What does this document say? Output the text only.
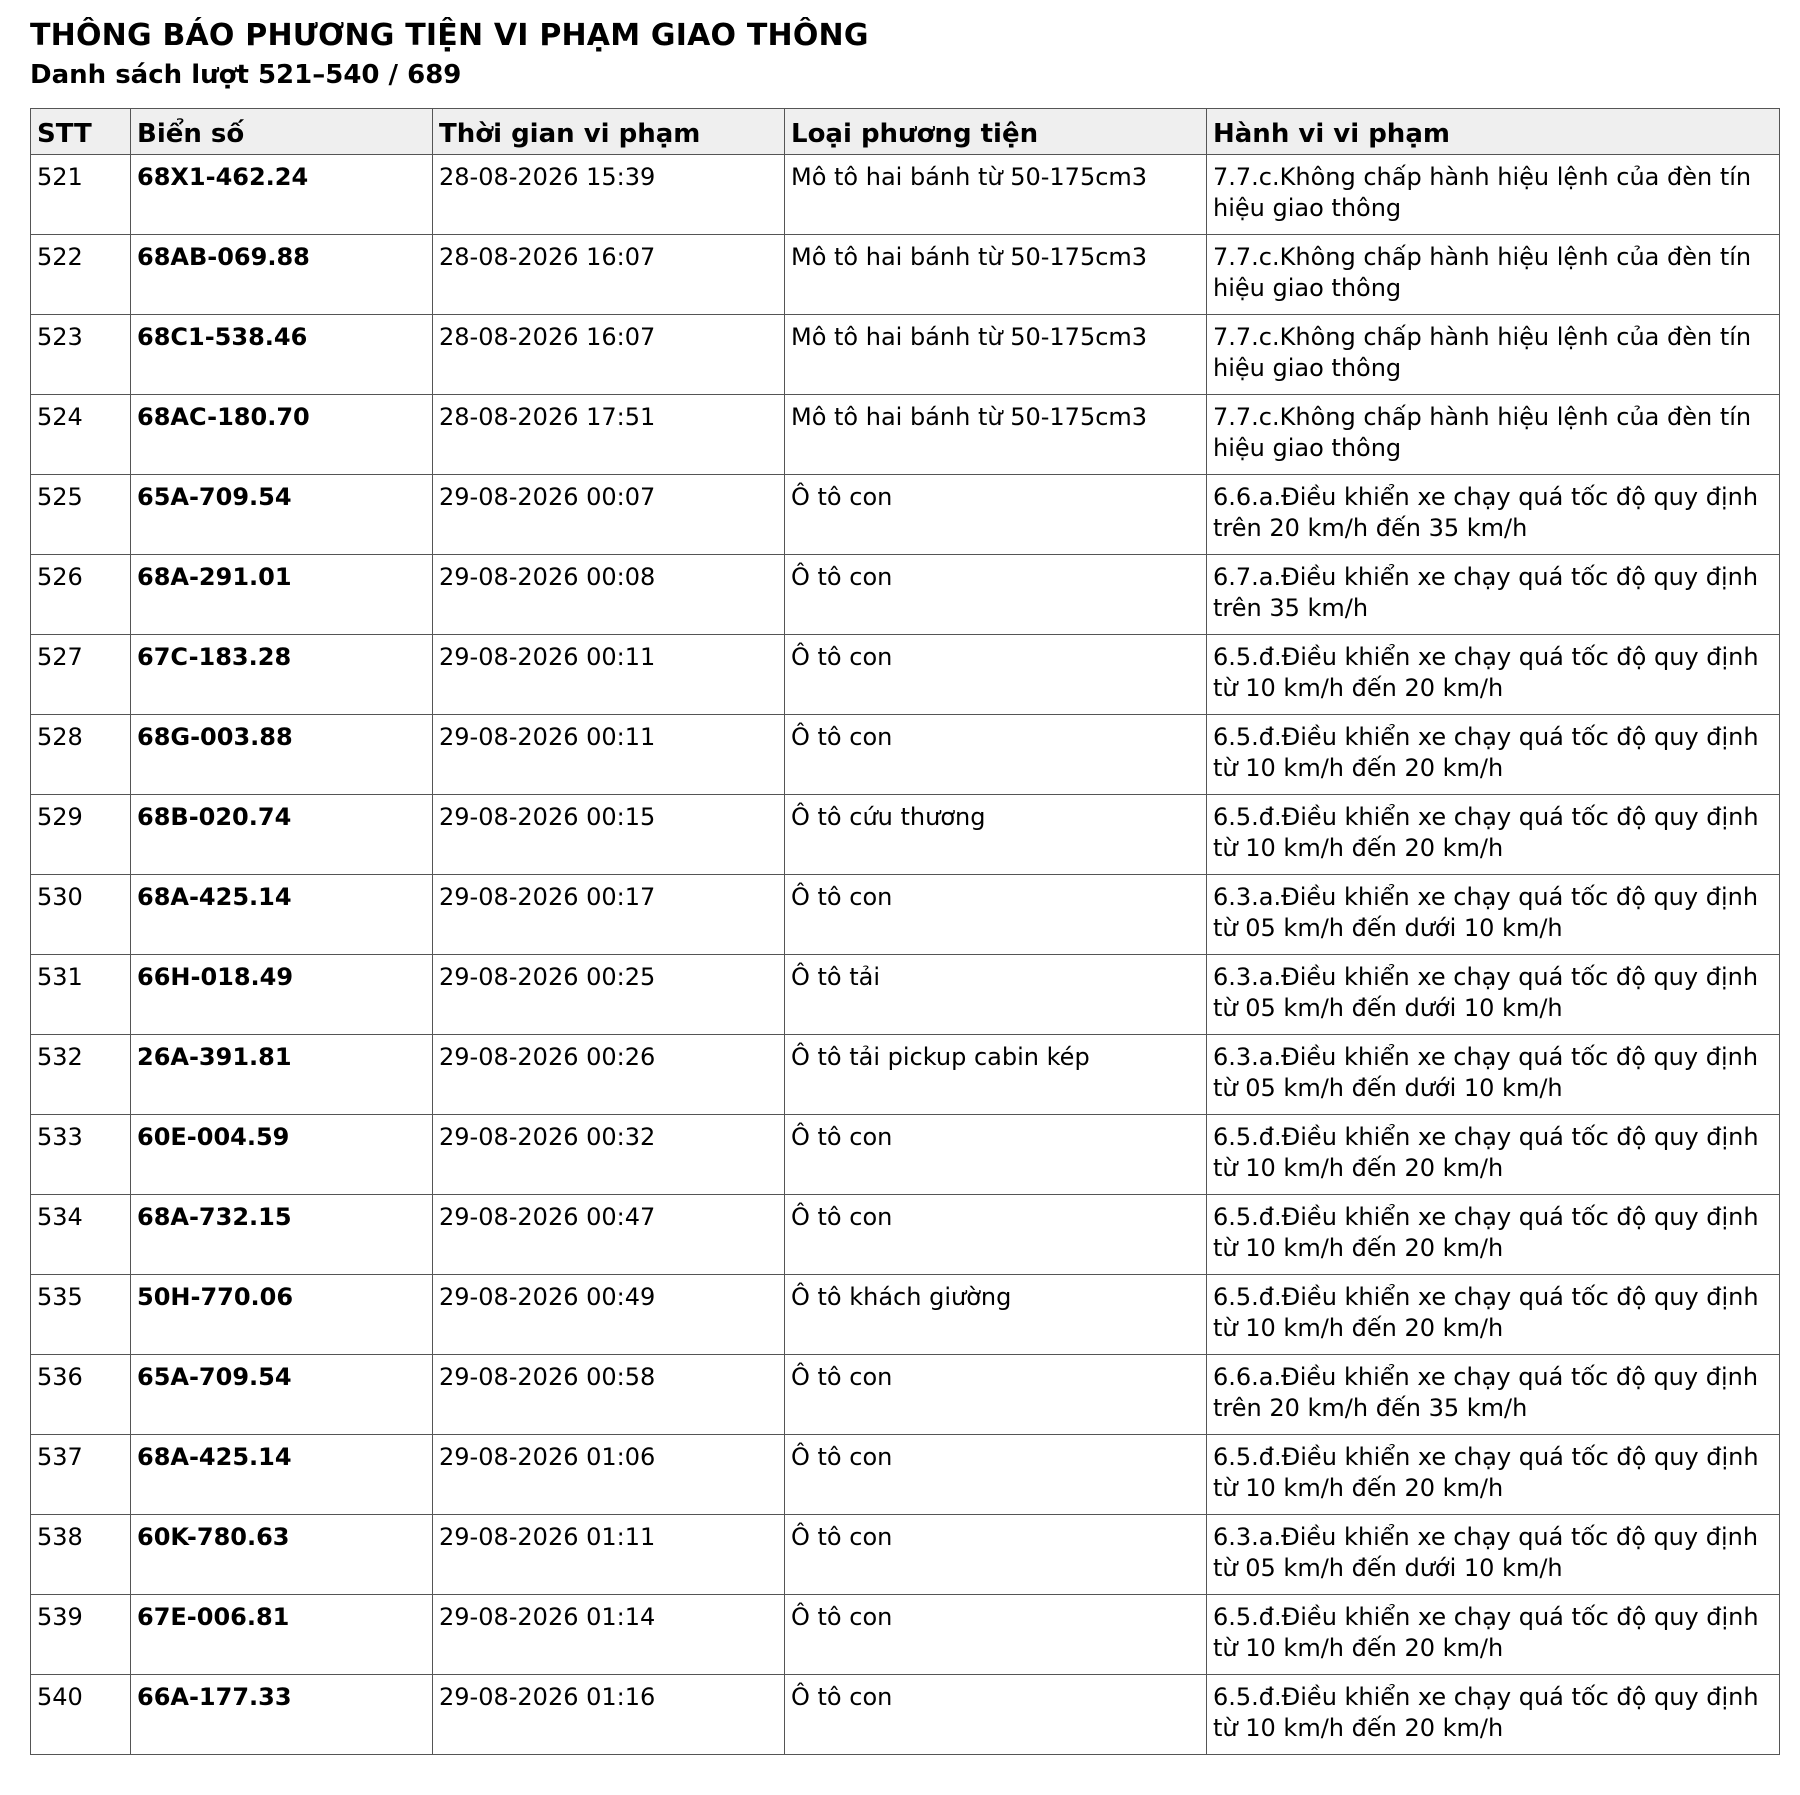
THÔNG BÁO PHƯƠNG TIỆN VI PHẠM GIAO THÔNG
Danh sách lượt 521–540 / 689
STT	Biển số	Thời gian vi phạm	Loại phương tiện	Hành vi vi phạm
521	68X1-462.24	28-08-2026 15:39	Mô tô hai bánh từ 50-175cm3	7.7.c.Không chấp hành hiệu lệnh của đèn tín hiệu giao thông
522	68AB-069.88	28-08-2026 16:07	Mô tô hai bánh từ 50-175cm3	7.7.c.Không chấp hành hiệu lệnh của đèn tín hiệu giao thông
523	68C1-538.46	28-08-2026 16:07	Mô tô hai bánh từ 50-175cm3	7.7.c.Không chấp hành hiệu lệnh của đèn tín hiệu giao thông
524	68AC-180.70	28-08-2026 17:51	Mô tô hai bánh từ 50-175cm3	7.7.c.Không chấp hành hiệu lệnh của đèn tín hiệu giao thông
525	65A-709.54	29-08-2026 00:07	Ô tô con	6.6.a.Điều khiển xe chạy quá tốc độ quy định trên 20 km/h đến 35 km/h
526	68A-291.01	29-08-2026 00:08	Ô tô con	6.7.a.Điều khiển xe chạy quá tốc độ quy định trên 35 km/h
527	67C-183.28	29-08-2026 00:11	Ô tô con	6.5.đ.Điều khiển xe chạy quá tốc độ quy định từ 10 km/h đến 20 km/h
528	68G-003.88	29-08-2026 00:11	Ô tô con	6.5.đ.Điều khiển xe chạy quá tốc độ quy định từ 10 km/h đến 20 km/h
529	68B-020.74	29-08-2026 00:15	Ô tô cứu thương	6.5.đ.Điều khiển xe chạy quá tốc độ quy định từ 10 km/h đến 20 km/h
530	68A-425.14	29-08-2026 00:17	Ô tô con	6.3.a.Điều khiển xe chạy quá tốc độ quy định từ 05 km/h đến dưới 10 km/h
531	66H-018.49	29-08-2026 00:25	Ô tô tải	6.3.a.Điều khiển xe chạy quá tốc độ quy định từ 05 km/h đến dưới 10 km/h
532	26A-391.81	29-08-2026 00:26	Ô tô tải pickup cabin kép	6.3.a.Điều khiển xe chạy quá tốc độ quy định từ 05 km/h đến dưới 10 km/h
533	60E-004.59	29-08-2026 00:32	Ô tô con	6.5.đ.Điều khiển xe chạy quá tốc độ quy định từ 10 km/h đến 20 km/h
534	68A-732.15	29-08-2026 00:47	Ô tô con	6.5.đ.Điều khiển xe chạy quá tốc độ quy định từ 10 km/h đến 20 km/h
535	50H-770.06	29-08-2026 00:49	Ô tô khách giường	6.5.đ.Điều khiển xe chạy quá tốc độ quy định từ 10 km/h đến 20 km/h
536	65A-709.54	29-08-2026 00:58	Ô tô con	6.6.a.Điều khiển xe chạy quá tốc độ quy định trên 20 km/h đến 35 km/h
537	68A-425.14	29-08-2026 01:06	Ô tô con	6.5.đ.Điều khiển xe chạy quá tốc độ quy định từ 10 km/h đến 20 km/h
538	60K-780.63	29-08-2026 01:11	Ô tô con	6.3.a.Điều khiển xe chạy quá tốc độ quy định từ 05 km/h đến dưới 10 km/h
539	67E-006.81	29-08-2026 01:14	Ô tô con	6.5.đ.Điều khiển xe chạy quá tốc độ quy định từ 10 km/h đến 20 km/h
540	66A-177.33	29-08-2026 01:16	Ô tô con	6.5.đ.Điều khiển xe chạy quá tốc độ quy định từ 10 km/h đến 20 km/h
